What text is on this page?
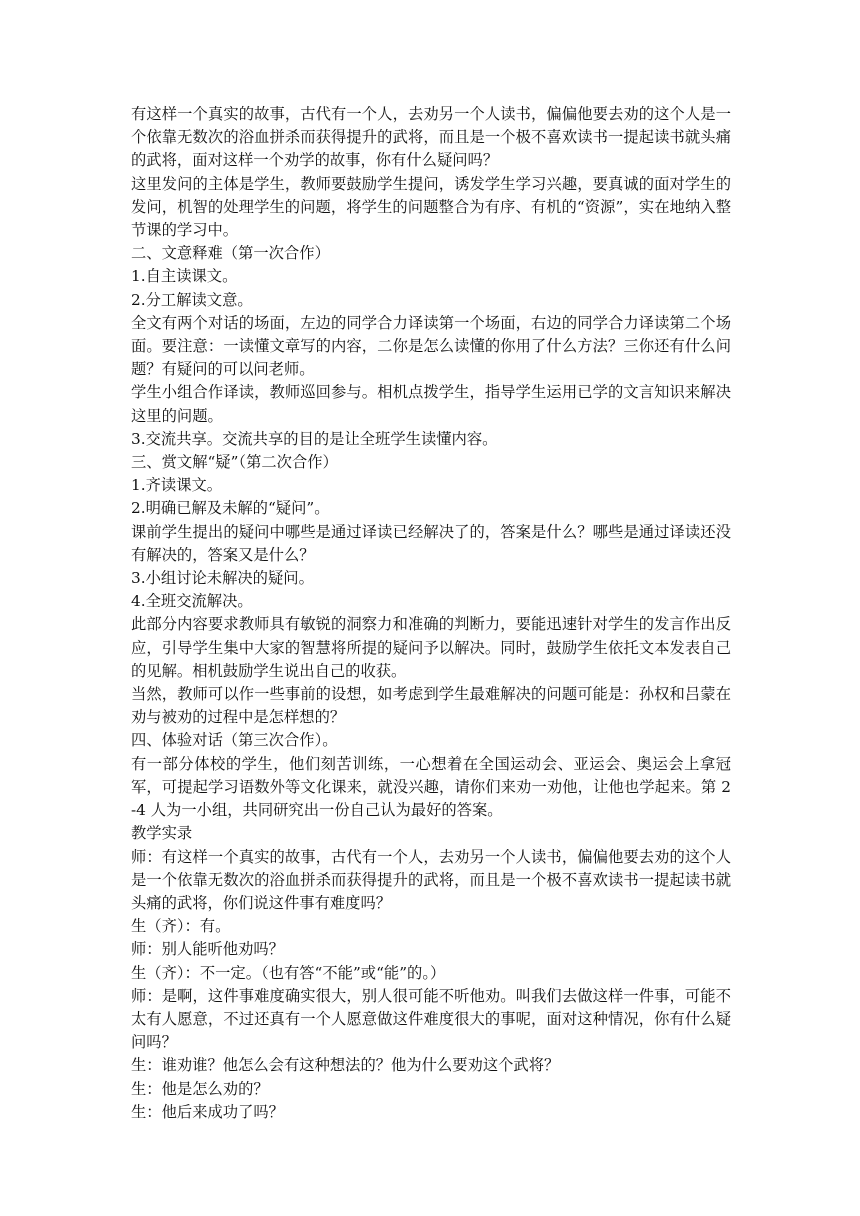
有这样一个真实的故事，古代有一个人，去劝另一个人读书，偏偏他要去劝的这个人是一个依靠无数次的浴血拼杀而获得提升的武将，而且是一个极不喜欢读书一提起读书就头痛的武将，面对这样一个劝学的故事，你有什么疑问吗？

这里发问的主体是学生，教师要鼓励学生提问，诱发学生学习兴趣，要真诚的面对学生的发问，机智的处理学生的问题，将学生的问题整合为有序、有机的“资源”，实在地纳入整节课的学习中。

二、文意释难（第一次合作）

1.自主读课文。

2.分工解读文意。

全文有两个对话的场面，左边的同学合力译读第一个场面，右边的同学合力译读第二个场面。要注意：一读懂文章写的内容，二你是怎么读懂的你用了什么方法？三你还有什么问题？有疑问的可以问老师。

学生小组合作译读，教师巡回参与。相机点拨学生，指导学生运用已学的文言知识来解决这里的问题。

3.交流共享。交流共享的目的是让全班学生读懂内容。

三、赏文解“疑”（第二次合作）

1.齐读课文。

2.明确已解及未解的“疑问”。

课前学生提出的疑问中哪些是通过译读已经解决了的，答案是什么？哪些是通过译读还没有解决的，答案又是什么？

3.小组讨论未解决的疑问。

4.全班交流解决。

此部分内容要求教师具有敏锐的洞察力和准确的判断力，要能迅速针对学生的发言作出反应，引导学生集中大家的智慧将所提的疑问予以解决。同时，鼓励学生依托文本发表自己的见解。相机鼓励学生说出自己的收获。

当然，教师可以作一些事前的设想，如考虑到学生最难解决的问题可能是：孙权和吕蒙在劝与被劝的过程中是怎样想的？

四、体验对话（第三次合作）。

有一部分体校的学生，他们刻苦训练，一心想着在全国运动会、亚运会、奥运会上拿冠军，可提起学习语数外等文化课来，就没兴趣，请你们来劝一劝他，让他也学起来。第 2-4 人为一小组，共同研究出一份自己认为最好的答案。

教学实录

师：有这样一个真实的故事，古代有一个人，去劝另一个人读书，偏偏他要去劝的这个人是一个依靠无数次的浴血拼杀而获得提升的武将，而且是一个极不喜欢读书一提起读书就头痛的武将，你们说这件事有难度吗？

生（齐）：有。

师：别人能听他劝吗？

生（齐）：不一定。（也有答“不能”或“能”的。）

师：是啊，这件事难度确实很大，别人很可能不听他劝。叫我们去做这样一件事，可能不太有人愿意，不过还真有一个人愿意做这件难度很大的事呢，面对这种情况，你有什么疑问吗？

生：谁劝谁？他怎么会有这种想法的？他为什么要劝这个武将？

生：他是怎么劝的？

生：他后来成功了吗？
